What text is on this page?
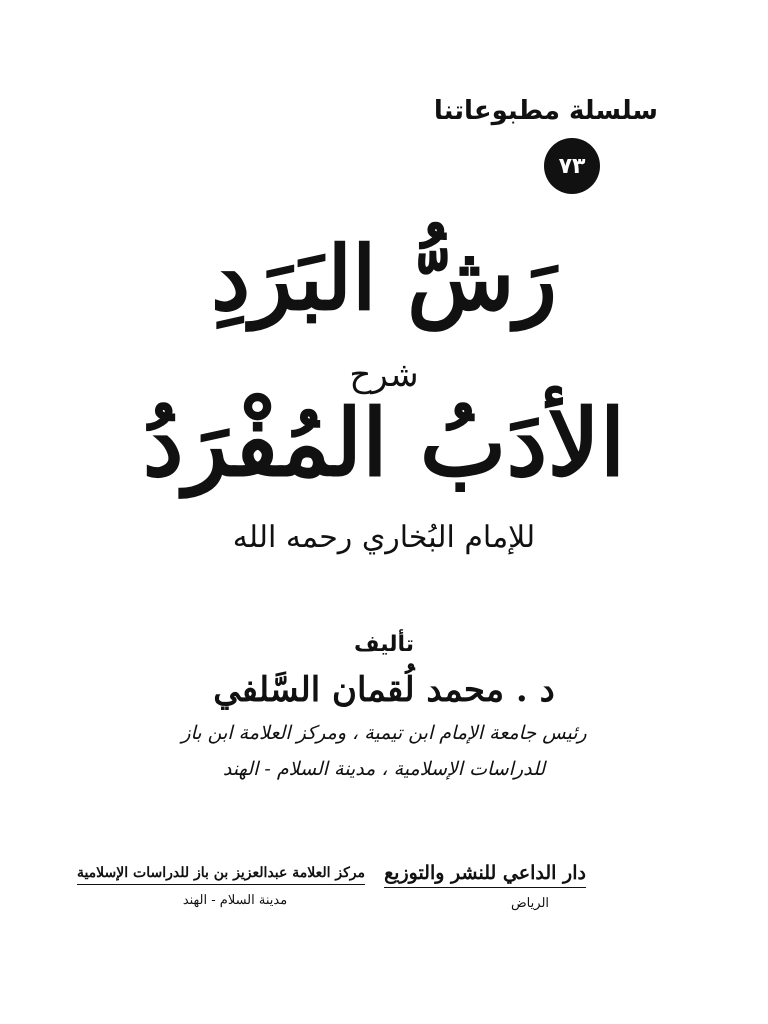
سلسلة مطبوعاتنا
٧٣
رَشُّ البَرَدِ
شرح
الأدَبُ المُفْرَدُ
للإمام البُخاري رحمه الله
تأليف
د . محمد لُقمان السَّلفي
رئيس جامعة الإمام ابن تيمية ، ومركز العلامة ابن باز
للدراسات الإسلامية ، مدينة السلام - الهند
دار الداعي للنشر والتوزيع
الرياض
مركز العلامة عبدالعزيز بن باز للدراسات الإسلامية
مدينة السلام - الهند
